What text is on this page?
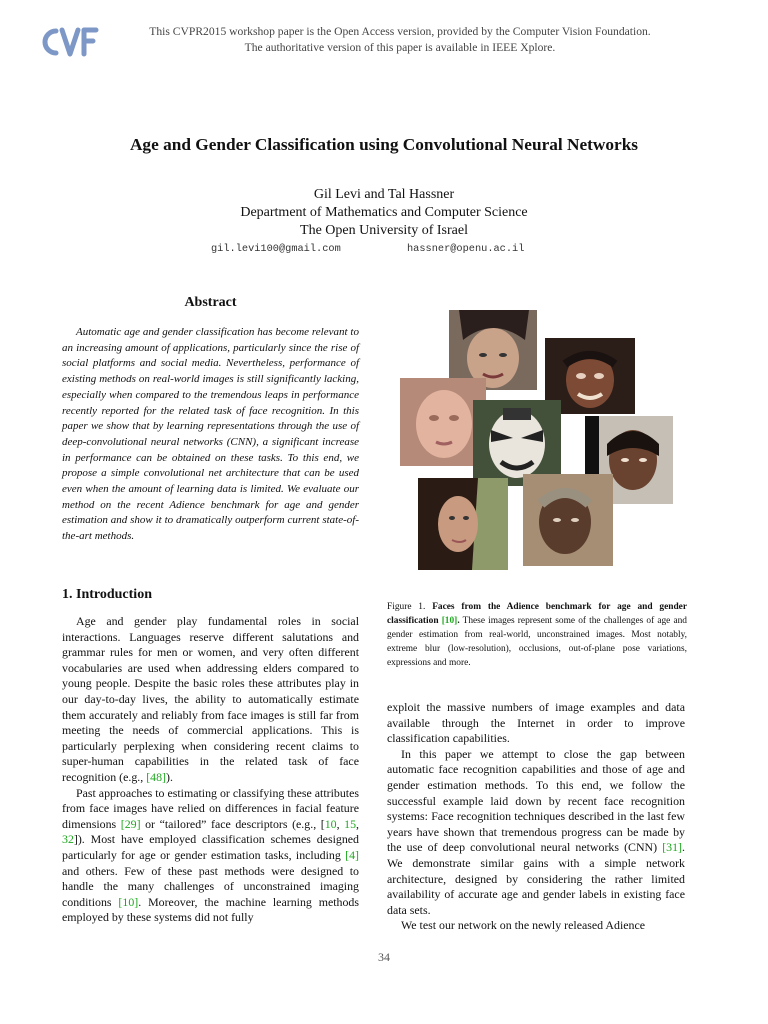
This CVPR2015 workshop paper is the Open Access version, provided by the Computer Vision Foundation.
The authoritative version of this paper is available in IEEE Xplore.
Age and Gender Classification using Convolutional Neural Networks
Gil Levi and Tal Hassner
Department of Mathematics and Computer Science
The Open University of Israel
gil.levi100@gmail.com	hassner@openu.ac.il
Abstract

Automatic age and gender classification has become relevant to an increasing amount of applications, particularly since the rise of social platforms and social media. Nevertheless, performance of existing methods on real-world images is still significantly lacking, especially when compared to the tremendous leaps in performance recently reported for the related task of face recognition. In this paper we show that by learning representations through the use of deep-convolutional neural networks (CNN), a significant increase in performance can be obtained on these tasks. To this end, we propose a simple convolutional net architecture that can be used even when the amount of learning data is limited. We evaluate our method on the recent Adience benchmark for age and gender estimation and show it to dramatically outperform current state-of-the-art methods.

1. Introduction

Age and gender play fundamental roles in social interactions. Languages reserve different salutations and grammar rules for men or women, and very often different vocabularies are used when addressing elders compared to young people. Despite the basic roles these attributes play in our day-to-day lives, the ability to automatically estimate them accurately and reliably from face images is still far from meeting the needs of commercial applications. This is particularly perplexing when considering recent claims to super-human capabilities in the related task of face recognition (e.g., [48]).

Past approaches to estimating or classifying these attributes from face images have relied on differences in facial feature dimensions [29] or “tailored” face descriptors (e.g., [10, 15, 32]). Most have employed classification schemes designed particularly for age or gender estimation tasks, including [4] and others. Few of these past methods were designed to handle the many challenges of unconstrained imaging conditions [10]. Moreover, the machine learning methods employed by these systems did not fully

Figure 1. Faces from the Adience benchmark for age and gender classification [10]. These images represent some of the challenges of age and gender estimation from real-world, unconstrained images. Most notably, extreme blur (low-resolution), occlusions, out-of-plane pose variations, expressions and more.

exploit the massive numbers of image examples and data available through the Internet in order to improve classification capabilities.

In this paper we attempt to close the gap between automatic face recognition capabilities and those of age and gender estimation methods. To this end, we follow the successful example laid down by recent face recognition systems: Face recognition techniques described in the last few years have shown that tremendous progress can be made by the use of deep convolutional neural networks (CNN) [31]. We demonstrate similar gains with a simple network architecture, designed by considering the rather limited availability of accurate age and gender labels in existing face data sets.

We test our network on the newly released Adience

34
